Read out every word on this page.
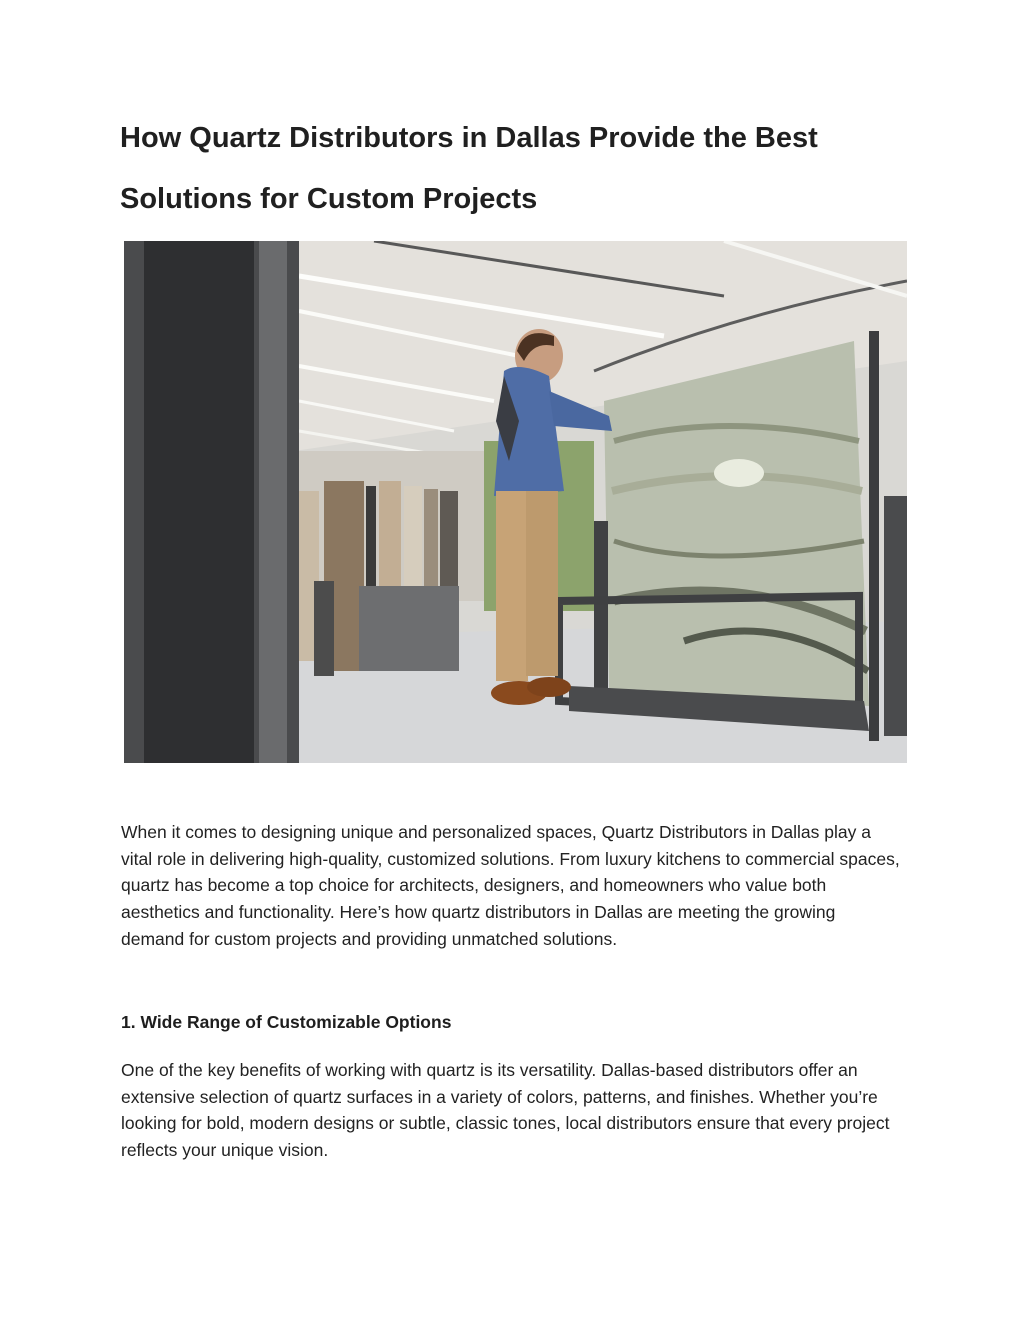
How Quartz Distributors in Dallas Provide the Best Solutions for Custom Projects

When it comes to designing unique and personalized spaces, Quartz Distributors in Dallas play a vital role in delivering high-quality, customized solutions. From luxury kitchens to commercial spaces, quartz has become a top choice for architects, designers, and homeowners who value both aesthetics and functionality. Here’s how quartz distributors in Dallas are meeting the growing demand for custom projects and providing unmatched solutions.

1. Wide Range of Customizable Options

One of the key benefits of working with quartz is its versatility. Dallas-based distributors offer an extensive selection of quartz surfaces in a variety of colors, patterns, and finishes. Whether you’re looking for bold, modern designs or subtle, classic tones, local distributors ensure that every project reflects your unique vision.
